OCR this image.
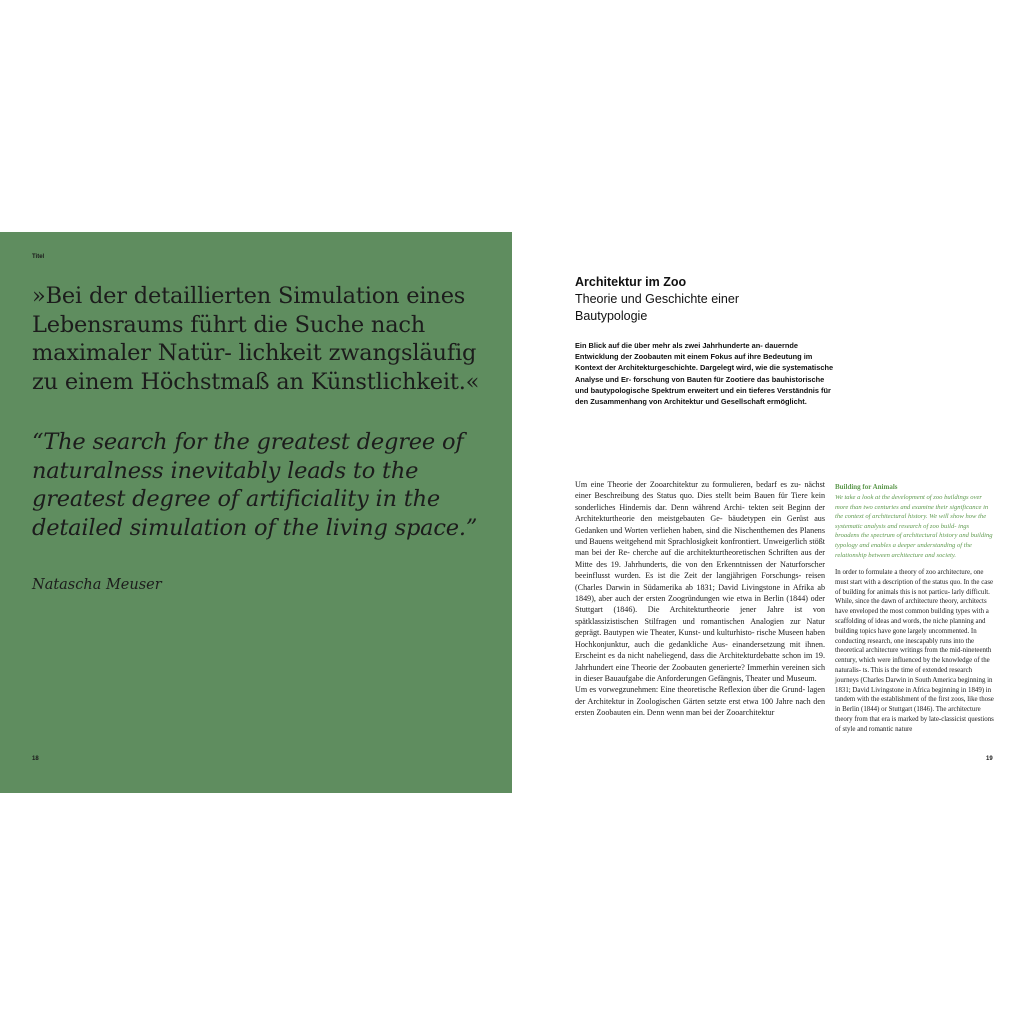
Titel
»Bei der detaillierten Simulation eines Lebensraums führt die Suche nach maximaler Natür- lichkeit zwangsläufig zu einem Höchstmaß an Künstlichkeit.«
“The search for the greatest degree of naturalness inevitably leads to the greatest degree of artificiality in the detailed simulation of the living space.”
Natascha Meuser
18
Architektur im Zoo
Theorie und Geschichte einer Bautypologie
Ein Blick auf die über mehr als zwei Jahrhunderte an- dauernde Entwicklung der Zoobauten mit einem Fokus auf ihre Bedeutung im Kontext der Architekturgeschichte. Dargelegt wird, wie die systematische Analyse und Er- forschung von Bauten für Zootiere das bauhistorische und bautypologische Spektrum erweitert und ein tieferes Verständnis für den Zusammenhang von Architektur und Gesellschaft ermöglicht.

Um eine Theorie der Zooarchitektur zu formulieren, bedarf es zu- nächst einer Beschreibung des Status quo. Dies stellt beim Bauen für Tiere kein sonderliches Hindernis dar. Denn während Archi- tekten seit Beginn der Architekturtheorie den meistgebauten Ge- bäudetypen ein Gerüst aus Gedanken und Worten verliehen haben, sind die Nischenthemen des Planens und Bauens weitgehend mit Sprachlosigkeit konfrontiert. Unweigerlich stößt man bei der Re- cherche auf die architekturtheoretischen Schriften aus der Mitte des 19. Jahrhunderts, die von den Erkenntnissen der Naturforscher beeinflusst wurden. Es ist die Zeit der langjährigen Forschungs- reisen (Charles Darwin in Südamerika ab 1831; David Livingstone in Afrika ab 1849), aber auch der ersten Zoogründungen wie etwa in Berlin (1844) oder Stuttgart (1846). Die Architekturtheorie jener Jahre ist von spätklassizistischen Stilfragen und romantischen Analogien zur Natur geprägt. Bautypen wie Theater, Kunst- und kulturhisto- rische Museen haben Hochkonjunktur, auch die gedankliche Aus- einandersetzung mit ihnen. Erscheint es da nicht naheliegend, dass die Architekturdebatte schon im 19. Jahrhundert eine Theorie der Zoobauten generierte? Immerhin vereinen sich in dieser Bauaufgabe die Anforderungen Gefängnis, Theater und Museum.

Um es vorwegzunehmen: Eine theoretische Reflexion über die Grund- lagen der Architektur in Zoologischen Gärten setzte erst etwa 100 Jahre nach den ersten Zoobauten ein. Denn wenn man bei der Zooarchitektur

Building for Animals
We take a look at the development of zoo buildings over more than two centuries and examine their significance in the context of architectural history. We will show how the systematic analysis and research of zoo build- ings broadens the spectrum of architectural history and building typology and enables a deeper understanding of the relationship between architecture and society.
In order to formulate a theory of zoo architecture, one must start with a description of the status quo. In the case of building for animals this is not particu- larly difficult. While, since the dawn of architecture theory, architects have enveloped the most common building types with a scaffolding of ideas and words, the niche planning and building topics have gone largely uncommented. In conducting research, one inescapably runs into the theoretical architecture writings from the mid-nineteenth century, which were influenced by the knowledge of the naturalis- ts. This is the time of extended research journeys (Charles Darwin in South America beginning in 1831; David Livingstone in Africa beginning in 1849) in tandem with the establishment of the first zoos, like those in Berlin (1844) or Stuttgart (1846). The architecture theory from that era is marked by late-classicist questions of style and romantic nature
19
